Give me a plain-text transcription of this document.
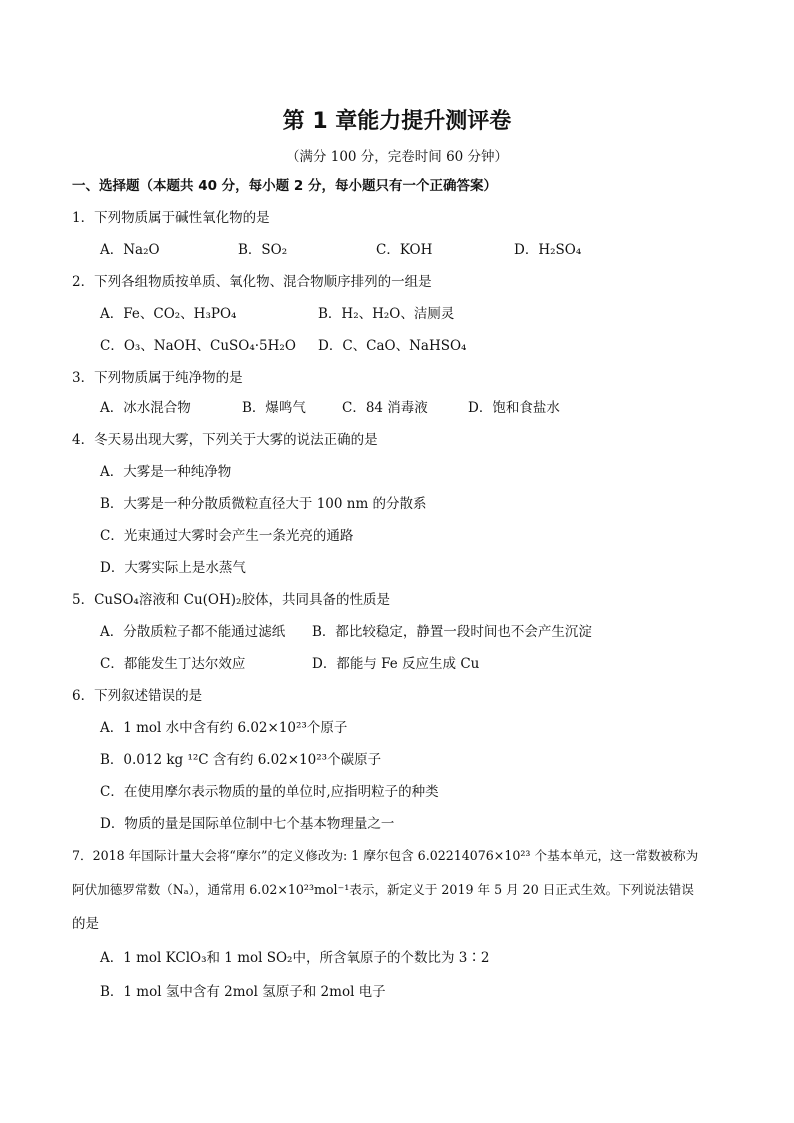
第 1 章能力提升测评卷
（满分 100 分，完卷时间 60 分钟）
一、选择题（本题共 40 分，每小题 2 分，每小题只有一个正确答案）
1．下列物质属于碱性氧化物的是
A．Na₂O	B．SO₂	C．KOH	D．H₂SO₄
2．下列各组物质按单质、氧化物、混合物顺序排列的一组是
A．Fe、CO₂、H₃PO₄	B．H₂、H₂O、洁厕灵
C．O₃、NaOH、CuSO₄·5H₂O D．C、CaO、NaHSO₄
3．下列物质属于纯净物的是
A．冰水混合物	B．爆鸣气	C．84 消毒液	D．饱和食盐水
4．冬天易出现大雾，下列关于大雾的说法正确的是
A．大雾是一种纯净物
B．大雾是一种分散质微粒直径大于 100 nm 的分散系
C．光束通过大雾时会产生一条光亮的通路
D．大雾实际上是水蒸气
5．CuSO₄溶液和 Cu(OH)₂胶体，共同具备的性质是
A．分散质粒子都不能通过滤纸 B．都比较稳定，静置一段时间也不会产生沉淀
C．都能发生丁达尔效应	D．都能与 Fe 反应生成 Cu
6．下列叙述错误的是
A．1 mol 水中含有约 6.02×10²³个原子
B．0.012 kg ¹²C 含有约 6.02×10²³个碳原子
C．在使用摩尔表示物质的量的单位时,应指明粒子的种类
D．物质的量是国际单位制中七个基本物理量之一
7．2018 年国际计量大会将“摩尔”的定义修改为: 1 摩尔包含 6.02214076×10²³ 个基本单元，这一常数被称为
阿伏加德罗常数（Nₐ），通常用 6.02×10²³mol⁻¹表示，新定义于 2019 年 5 月 20 日正式生效。下列说法错误
的是
A．1 mol KClO₃和 1 mol SO₂中，所含氧原子的个数比为 3∶2
B．1 mol 氢中含有 2mol 氢原子和 2mol 电子
